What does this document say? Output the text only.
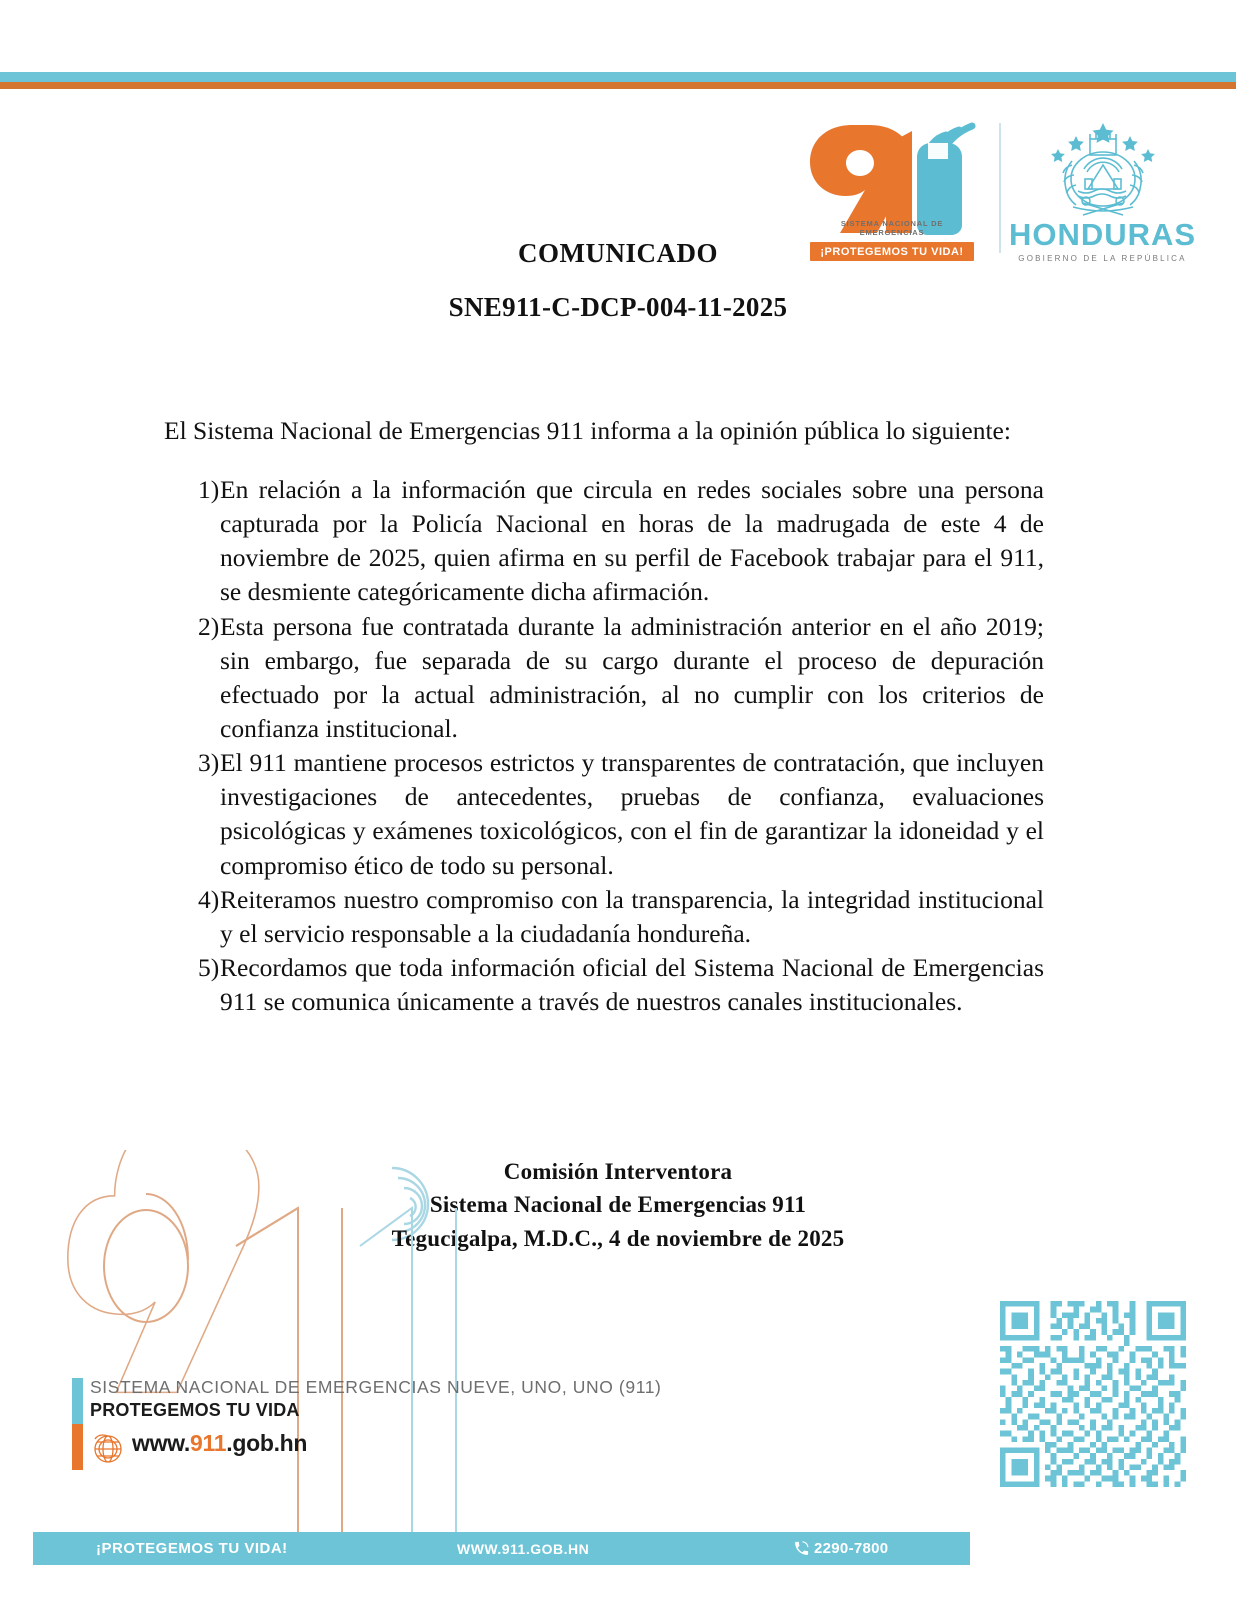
SISTEMA NACIONAL DE EMERGENCIAS
¡PROTEGEMOS TU VIDA! HONDURAS
GOBIERNO DE LA REPÚBLICA
COMUNICADO
SNE911-C-DCP-004-11-2025

El Sistema Nacional de Emergencias 911 informa a la opinión pública lo siguiente:

1) En relación a la información que circula en redes sociales sobre una persona capturada por la Policía Nacional en horas de la madrugada de este 4 de noviembre de 2025, quien afirma en su perfil de Facebook trabajar para el 911, se desmiente categóricamente dicha afirmación.
2) Esta persona fue contratada durante la administración anterior en el año 2019; sin embargo, fue separada de su cargo durante el proceso de depuración efectuado por la actual administración, al no cumplir con los criterios de confianza institucional.
3) El 911 mantiene procesos estrictos y transparentes de contratación, que incluyen investigaciones de antecedentes, pruebas de confianza, evaluaciones psicológicas y exámenes toxicológicos, con el fin de garantizar la idoneidad y el compromiso ético de todo su personal.
4) Reiteramos nuestro compromiso con la transparencia, la integridad institucional y el servicio responsable a la ciudadanía hondureña.
5) Recordamos que toda información oficial del Sistema Nacional de Emergencias 911 se comunica únicamente a través de nuestros canales institucionales.
Comisión Interventora
Sistema Nacional de Emergencias 911
Tegucigalpa, M.D.C., 4 de noviembre de 2025
SISTEMA NACIONAL DE EMERGENCIAS NUEVE, UNO, UNO (911)
PROTEGEMOS TU VIDA
www.911.gob.hn
¡PROTEGEMOS TU VIDA!	WWW.911.GOB.HN	2290-7800
